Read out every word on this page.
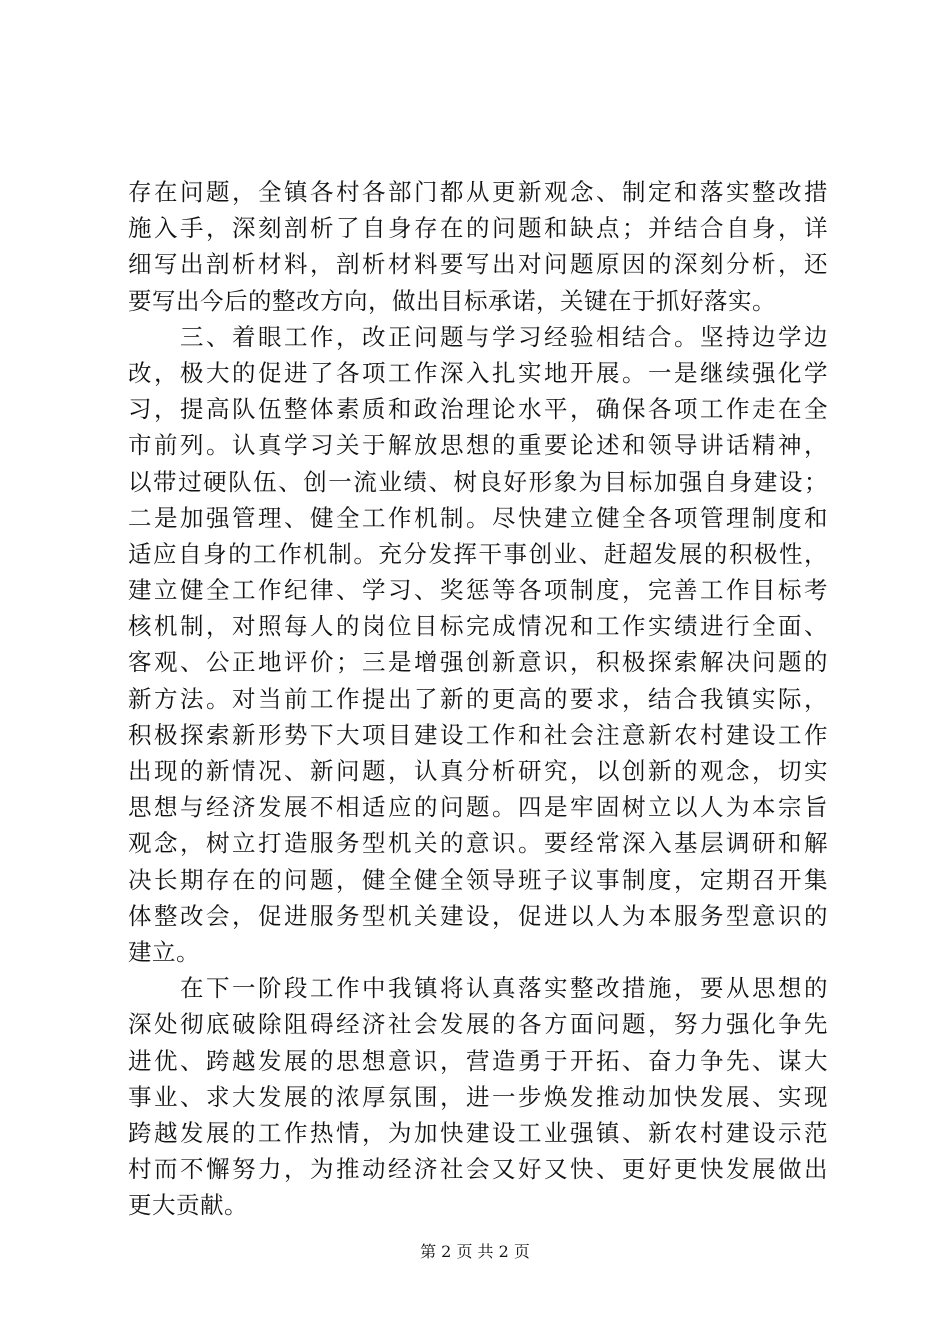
存在问题，全镇各村各部门都从更新观念、制定和落实整改措
施入手，深刻剖析了自身存在的问题和缺点；并结合自身，详
细写出剖析材料，剖析材料要写出对问题原因的深刻分析，还
要写出今后的整改方向，做出目标承诺，关键在于抓好落实。
　　三、着眼工作，改正问题与学习经验相结合。坚持边学边
改，极大的促进了各项工作深入扎实地开展。一是继续强化学
习，提高队伍整体素质和政治理论水平，确保各项工作走在全
市前列。认真学习关于解放思想的重要论述和领导讲话精神，
以带过硬队伍、创一流业绩、树良好形象为目标加强自身建设；
二是加强管理、健全工作机制。尽快建立健全各项管理制度和
适应自身的工作机制。充分发挥干事创业、赶超发展的积极性，
建立健全工作纪律、学习、奖惩等各项制度，完善工作目标考
核机制，对照每人的岗位目标完成情况和工作实绩进行全面、
客观、公正地评价；三是增强创新意识，积极探索解决问题的
新方法。对当前工作提出了新的更高的要求，结合我镇实际，
积极探索新形势下大项目建设工作和社会注意新农村建设工作
出现的新情况、新问题，认真分析研究，以创新的观念，切实
思想与经济发展不相适应的问题。四是牢固树立以人为本宗旨
观念，树立打造服务型机关的意识。要经常深入基层调研和解
决长期存在的问题，健全健全领导班子议事制度，定期召开集
体整改会，促进服务型机关建设，促进以人为本服务型意识的
建立。
　　在下一阶段工作中我镇将认真落实整改措施，要从思想的
深处彻底破除阻碍经济社会发展的各方面问题，努力强化争先
进优、跨越发展的思想意识，营造勇于开拓、奋力争先、谋大
事业、求大发展的浓厚氛围，进一步焕发推动加快发展、实现
跨越发展的工作热情，为加快建设工业强镇、新农村建设示范
村而不懈努力，为推动经济社会又好又快、更好更快发展做出
更大贡献。
第 2 页 共 2 页
